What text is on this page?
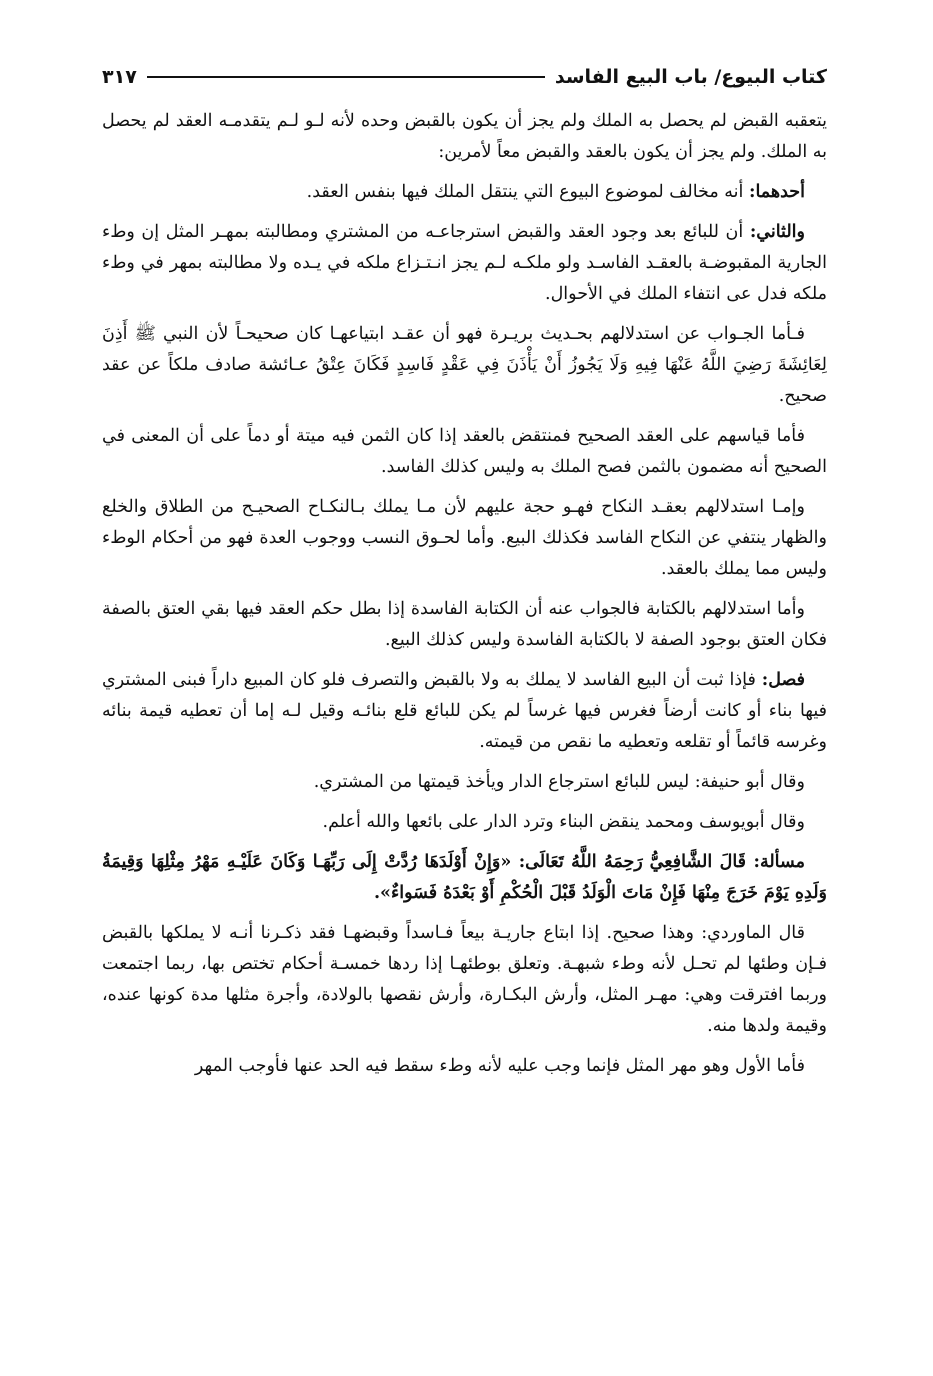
كتاب البيوع/ باب البيع الفاسد
٣١٧

يتعقبه القبض لم يحصل به الملك ولم يجز أن يكون بالقبض وحده لأنه لـو لـم يتقدمـه العقد لم يحصل به الملك. ولم يجز أن يكون بالعقد والقبض معاً لأمرين:

أحدهما: أنه مخالف لموضوع البيوع التي ينتقل الملك فيها بنفس العقد.

والثاني: أن للبائع بعد وجود العقد والقبض استرجاعـه من المشتري ومطالبته بمهـر المثل إن وطء الجارية المقبوضـة بالعقـد الفاسـد ولو ملكـه لـم يجز انـتـزاع ملكه في يـده ولا مطالبته بمهر في وطء ملكه فدل عى انتفاء الملك في الأحوال.

فـأما الجـواب عن استدلالهم بحـديث بريـرة فهو أن عقـد ابتياعهـا كان صحيحـاً لأن النبي ﷺ أَذِنَ لِعَائِشَةَ رَضِيَ اللَّهُ عَنْهَا فِيهِ وَلَا يَجُوزُ أَنْ يَأْذَنَ فِي عَقْدٍ فَاسِدٍ فَكَانَ عِتْقُ عـائشة صادف ملكاً عن عقد صحيح.

فأما قياسهم على العقد الصحيح فمنتقض بالعقد إذا كان الثمن فيه ميتة أو دماً على أن المعنى في الصحيح أنه مضمون بالثمن فصح الملك به وليس كذلك الفاسد.

وإمـا استدلالهم بعقـد النكاح فهـو حجة عليهم لأن مـا يملك بـالنكـاح الصحيـح من الطلاق والخلع والظهار ينتفي عن النكاح الفاسد فكذلك البيع. وأما لحـوق النسب ووجوب العدة فهو من أحكام الوطء وليس مما يملك بالعقد.

وأما استدلالهم بالكتابة فالجواب عنه أن الكتابة الفاسدة إذا بطل حكم العقد فيها بقي العتق بالصفة فكان العتق بوجود الصفة لا بالكتابة الفاسدة وليس كذلك البيع.

فصل: فإذا ثبت أن البيع الفاسد لا يملك به ولا بالقبض والتصرف فلو كان المبيع داراً فبنى المشتري فيها بناء أو كانت أرضاً فغرس فيها غرساً لم يكن للبائع قلع بنائـه وقيل لـه إما أن تعطيه قيمة بنائه وغرسه قائماً أو تقلعه وتعطيه ما نقص من قيمته.

وقال أبو حنيفة: ليس للبائع استرجاع الدار ويأخذ قيمتها من المشتري.

وقال أبويوسف ومحمد ينقض البناء وترد الدار على بائعها والله أعلم.

مسألة: قَالَ الشَّافِعِيُّ رَحِمَهُ اللَّهُ تَعَالَى: «وَإِنْ أَوْلَدَهَا رُدَّتْ إِلَى رَبِّهَـا وَكَانَ عَلَيْـهِ مَهْرُ مِثْلِهَا وَقِيمَةُ وَلَدِهِ يَوْمَ خَرَجَ مِنْهَا فَإِنْ مَاتَ الْوَلَدُ قَبْلَ الْحُكْمِ أَوْ بَعْدَهُ فَسَواءٌ».

قال الماوردي: وهذا صحيح. إذا ابتاع جاريـة بيعاً فـاسداً وقبضهـا فقد ذكـرنا أنـه لا يملكها بالقبض فـإن وطئها لم تحـل لأنه وطء شبهـة. وتعلق بوطئهـا إذا ردها خمسـة أحكام تختص بها، ربما اجتمعت وربما افترقت وهي: مهـر المثل، وأرش البكـارة، وأرش نقصها بالولادة، وأجرة مثلها مدة كونها عنده، وقيمة ولدها منه.

فأما الأول وهو مهر المثل فإنما وجب عليه لأنه وطء سقط فيه الحد عنها فأوجب المهر
